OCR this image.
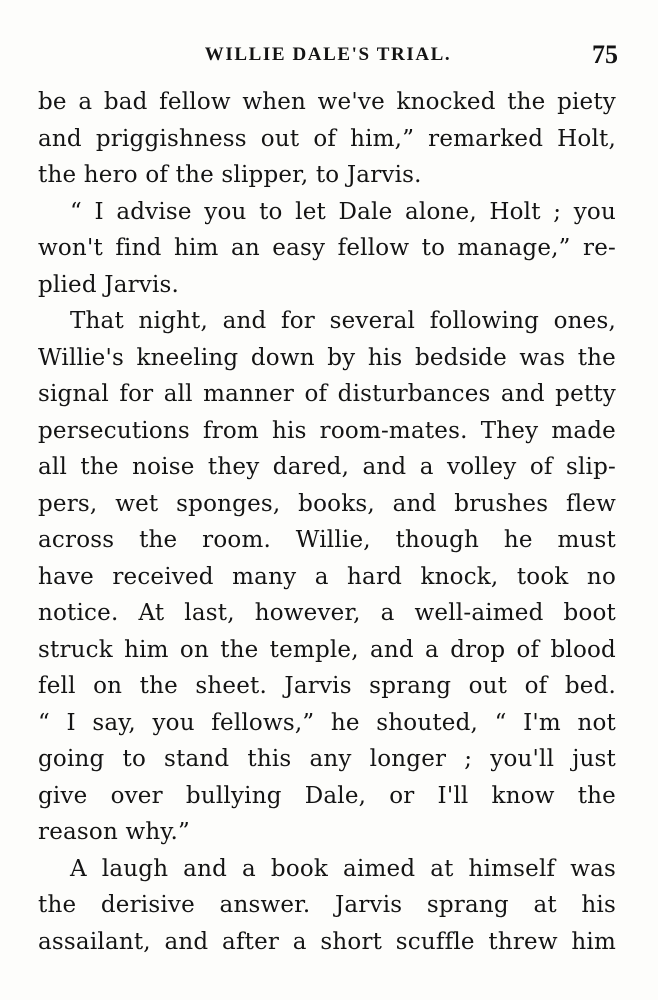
WILLIE DALE'S TRIAL.	75
be a bad fellow when we've knocked the piety
and priggishness out of him,” remarked Holt,
the hero of the slipper, to Jarvis.
“ I advise you to let Dale alone, Holt ; you
won't find him an easy fellow to manage,” re-
plied Jarvis.
That night, and for several following ones,
Willie's kneeling down by his bedside was the
signal for all manner of disturbances and petty
persecutions from his room-mates. They made
all the noise they dared, and a volley of slip-
pers, wet sponges, books, and brushes flew
across the room. Willie, though he must
have received many a hard knock, took no
notice. At last, however, a well-aimed boot
struck him on the temple, and a drop of blood
fell on the sheet. Jarvis sprang out of bed.
“ I say, you fellows,” he shouted, “ I'm not
going to stand this any longer ; you'll just
give over bullying Dale, or I'll know the
reason why.”
A laugh and a book aimed at himself was
the derisive answer. Jarvis sprang at his
assailant, and after a short scuffle threw him
